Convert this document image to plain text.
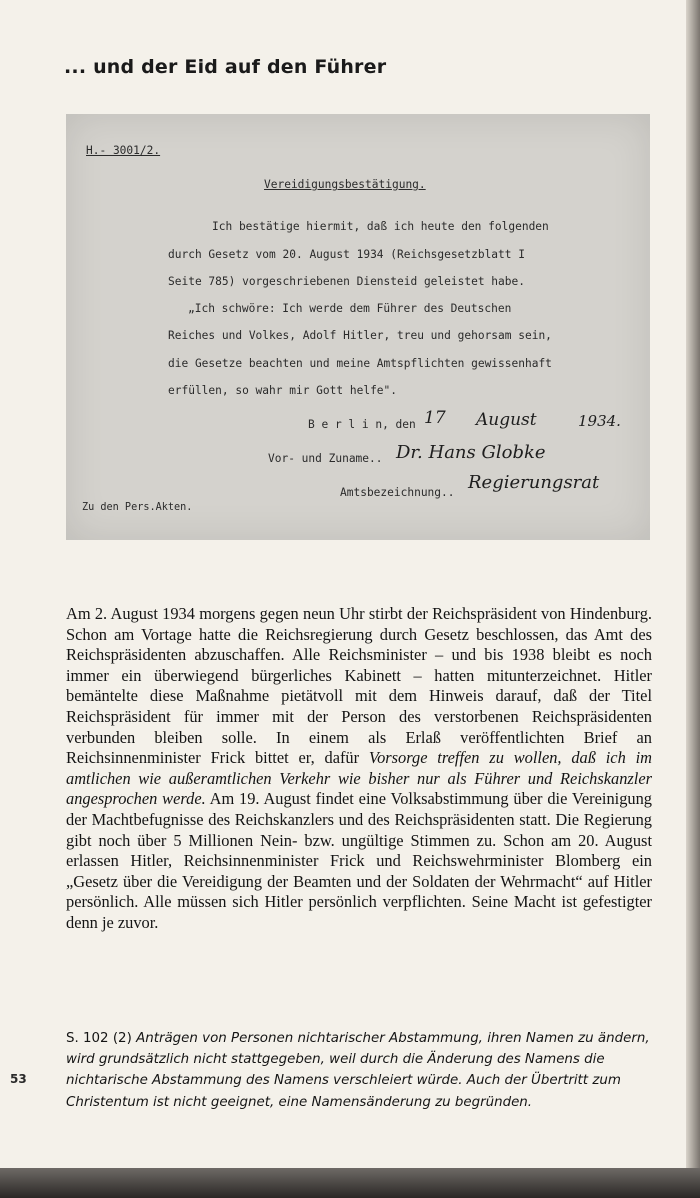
... und der Eid auf den Führer
H.- 3001/2.
Vereidigungsbestätigung.
Ich bestätige hiermit, daß ich heute den folgenden
durch Gesetz vom 20. August 1934 (Reichsgesetzblatt I
Seite 785) vorgeschriebenen Diensteid geleistet habe.
„Ich schwöre: Ich werde dem Führer des Deutschen
Reiches und Volkes, Adolf Hitler, treu und gehorsam sein,
die Gesetze beachten und meine Amtspflichten gewissenhaft
erfüllen, so wahr mir Gott helfe".
B e r l i n, den 17 August	1934.
Vor- und Zuname.. Dr. Hans Globke
Amtsbezeichnung.. Regierungsrat
Zu den Pers.Akten.

Am 2. August 1934 morgens gegen neun Uhr stirbt der Reichspräsident von Hindenburg. Schon am Vortage hatte die Reichsregierung durch Gesetz beschlossen, das Amt des Reichspräsidenten abzuschaffen. Alle Reichsminister – und bis 1938 bleibt es noch immer ein überwiegend bürgerliches Kabinett – hatten mitunterzeichnet. Hitler bemäntelte diese Maßnahme pietätvoll mit dem Hinweis darauf, daß der Titel Reichspräsident für immer mit der Person des verstorbenen Reichspräsidenten verbunden bleiben solle. In einem als Erlaß veröffentlichten Brief an Reichsinnenminister Frick bittet er, dafür Vorsorge treffen zu wollen, daß ich im amtlichen wie außeramtlichen Verkehr wie bisher nur als Führer und Reichskanzler angesprochen werde. Am 19. August findet eine Volksabstimmung über die Vereinigung der Machtbefugnisse des Reichskanzlers und des Reichspräsidenten statt. Die Regierung gibt noch über 5 Millionen Nein- bzw. ungültige Stimmen zu. Schon am 20. August erlassen Hitler, Reichsinnenminister Frick und Reichswehrminister Blomberg ein „Gesetz über die Vereidigung der Beamten und der Soldaten der Wehrmacht“ auf Hitler persönlich. Alle müssen sich Hitler persönlich verpflichten. Seine Macht ist gefestigter denn je zuvor.

S. 102 (2) Anträgen von Personen nichtarischer Abstammung, ihren Namen zu ändern, wird grundsätzlich nicht stattgegeben, weil durch die Änderung des Namens die nichtarische Abstammung des Namens verschleiert würde. Auch der Übertritt zum Christentum ist nicht geeignet, eine Namensänderung zu begründen.
53
